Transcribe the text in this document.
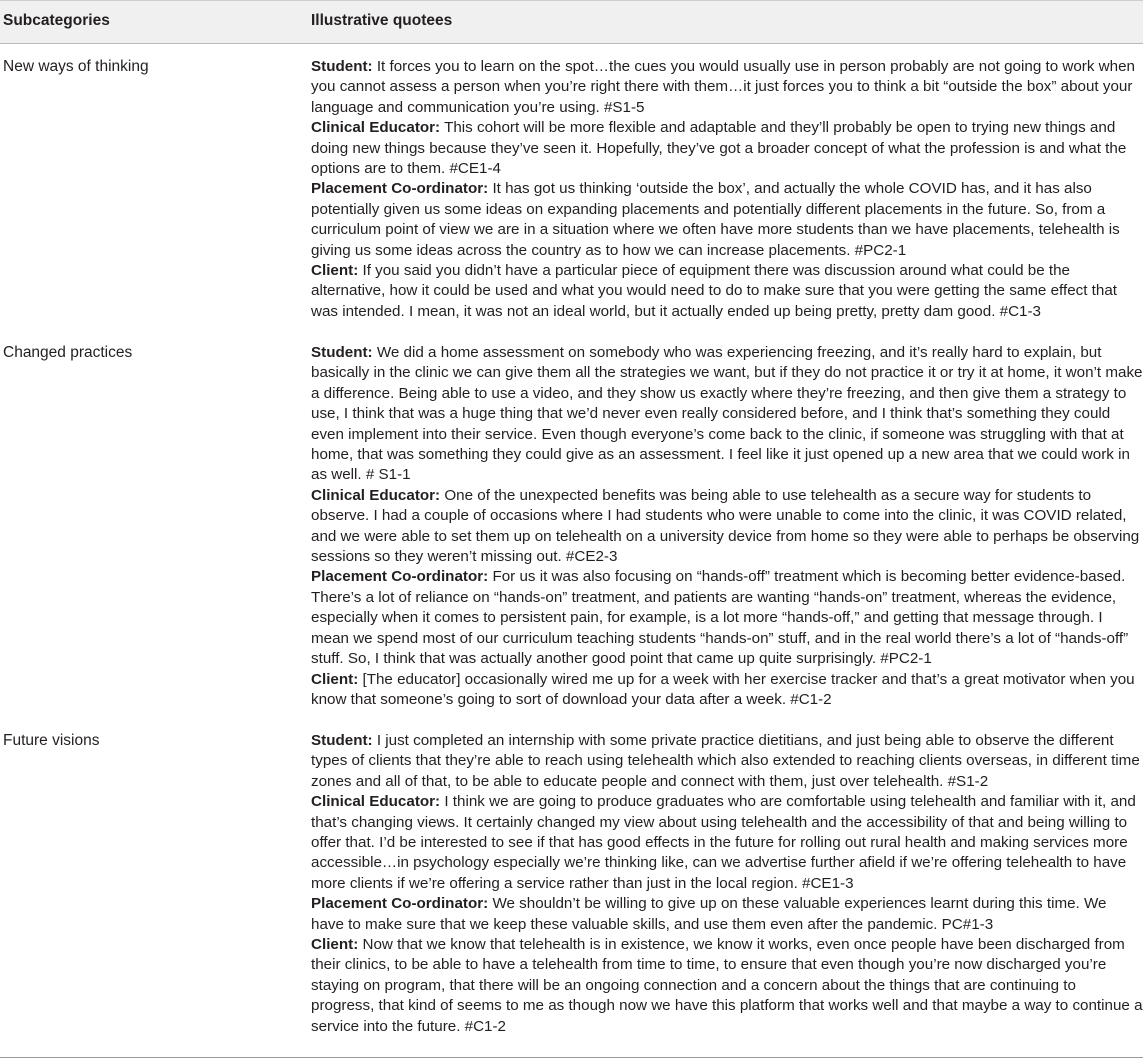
Subcategories	Illustrative quotees
New ways of thinking	Student: It forces you to learn on the spot…the cues you would usually use in person probably are not going to work when you cannot assess a person when you’re right there with them…it just forces you to think a bit “outside the box” about your language and communication you’re using. #S1-5
Clinical Educator: This cohort will be more flexible and adaptable and they’ll probably be open to trying new things and doing new things because they’ve seen it. Hopefully, they’ve got a broader concept of what the profession is and what the options are to them. #CE1-4
Placement Co-ordinator: It has got us thinking ‘outside the box’, and actually the whole COVID has, and it has also potentially given us some ideas on expanding placements and potentially different placements in the future. So, from a curriculum point of view we are in a situation where we often have more students than we have placements, telehealth is giving us some ideas across the country as to how we can increase placements. #PC2-1
Client: If you said you didn’t have a particular piece of equipment there was discussion around what could be the alternative, how it could be used and what you would need to do to make sure that you were getting the same effect that was intended. I mean, it was not an ideal world, but it actually ended up being pretty, pretty dam good. #C1-3
Changed practices	Student: We did a home assessment on somebody who was experiencing freezing, and it’s really hard to explain, but basically in the clinic we can give them all the strategies we want, but if they do not practice it or try it at home, it won’t make a difference. Being able to use a video, and they show us exactly where they’re freezing, and then give them a strategy to use, I think that was a huge thing that we’d never even really considered before, and I think that’s something they could even implement into their service. Even though everyone’s come back to the clinic, if someone was struggling with that at home, that was something they could give as an assessment. I feel like it just opened up a new area that we could work in as well. # S1-1
Clinical Educator: One of the unexpected benefits was being able to use telehealth as a secure way for students to observe. I had a couple of occasions where I had students who were unable to come into the clinic, it was COVID related, and we were able to set them up on telehealth on a university device from home so they were able to perhaps be observing sessions so they weren’t missing out. #CE2-3
Placement Co-ordinator: For us it was also focusing on “hands-off” treatment which is becoming better evidence-based. There’s a lot of reliance on “hands-on” treatment, and patients are wanting “hands-on” treatment, whereas the evidence, especially when it comes to persistent pain, for example, is a lot more “hands-off,” and getting that message through. I mean we spend most of our curriculum teaching students “hands-on” stuff, and in the real world there’s a lot of “hands-off” stuff. So, I think that was actually another good point that came up quite surprisingly. #PC2-1
Client: [The educator] occasionally wired me up for a week with her exercise tracker and that’s a great motivator when you know that someone’s going to sort of download your data after a week. #C1-2
Future visions	Student: I just completed an internship with some private practice dietitians, and just being able to observe the different types of clients that they’re able to reach using telehealth which also extended to reaching clients overseas, in different time zones and all of that, to be able to educate people and connect with them, just over telehealth. #S1-2
Clinical Educator: I think we are going to produce graduates who are comfortable using telehealth and familiar with it, and that’s changing views. It certainly changed my view about using telehealth and the accessibility of that and being willing to offer that. I’d be interested to see if that has good effects in the future for rolling out rural health and making services more accessible…in psychology especially we’re thinking like, can we advertise further afield if we’re offering telehealth to have more clients if we’re offering a service rather than just in the local region. #CE1-3
Placement Co-ordinator: We shouldn’t be willing to give up on these valuable experiences learnt during this time. We have to make sure that we keep these valuable skills, and use them even after the pandemic. PC#1-3
Client: Now that we know that telehealth is in existence, we know it works, even once people have been discharged from their clinics, to be able to have a telehealth from time to time, to ensure that even though you’re now discharged you’re staying on program, that there will be an ongoing connection and a concern about the things that are continuing to progress, that kind of seems to me as though now we have this platform that works well and that maybe a way to continue a service into the future. #C1-2
